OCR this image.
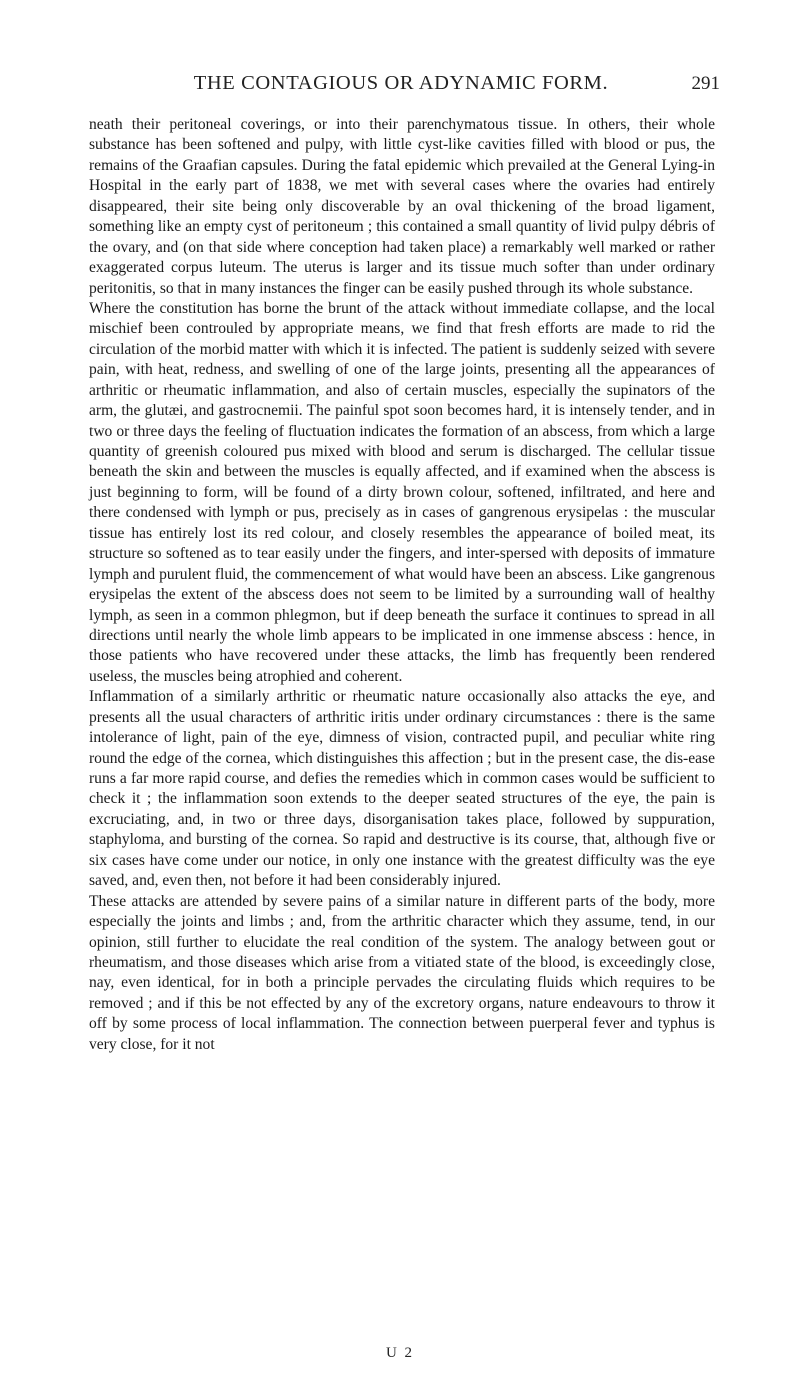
THE CONTAGIOUS OR ADYNAMIC FORM.	291

neath their peritoneal coverings, or into their parenchymatous tissue. In others, their whole substance has been softened and pulpy, with little cyst-like cavities filled with blood or pus, the remains of the Graafian capsules. During the fatal epidemic which prevailed at the General Lying-in Hospital in the early part of 1838, we met with several cases where the ovaries had entirely disappeared, their site being only discoverable by an oval thickening of the broad ligament, something like an empty cyst of peritoneum ; this contained a small quantity of livid pulpy débris of the ovary, and (on that side where conception had taken place) a remarkably well marked or rather exaggerated corpus luteum. The uterus is larger and its tissue much softer than under ordinary peritonitis, so that in many instances the finger can be easily pushed through its whole substance.

Where the constitution has borne the brunt of the attack without immediate collapse, and the local mischief been controuled by appropriate means, we find that fresh efforts are made to rid the circulation of the morbid matter with which it is infected. The patient is suddenly seized with severe pain, with heat, redness, and swelling of one of the large joints, presenting all the appearances of arthritic or rheumatic inflammation, and also of certain muscles, especially the supinators of the arm, the glutæi, and gastrocnemii. The painful spot soon becomes hard, it is intensely tender, and in two or three days the feeling of fluctuation indicates the formation of an abscess, from which a large quantity of greenish coloured pus mixed with blood and serum is discharged. The cellular tissue beneath the skin and between the muscles is equally affected, and if examined when the abscess is just beginning to form, will be found of a dirty brown colour, softened, infiltrated, and here and there condensed with lymph or pus, precisely as in cases of gangrenous erysipelas : the muscular tissue has entirely lost its red colour, and closely resembles the appearance of boiled meat, its structure so softened as to tear easily under the fingers, and inter-spersed with deposits of immature lymph and purulent fluid, the commencement of what would have been an abscess. Like gangrenous erysipelas the extent of the abscess does not seem to be limited by a surrounding wall of healthy lymph, as seen in a common phlegmon, but if deep beneath the surface it continues to spread in all directions until nearly the whole limb appears to be implicated in one immense abscess : hence, in those patients who have recovered under these attacks, the limb has frequently been rendered useless, the muscles being atrophied and coherent.

Inflammation of a similarly arthritic or rheumatic nature occasionally also attacks the eye, and presents all the usual characters of arthritic iritis under ordinary circumstances : there is the same intolerance of light, pain of the eye, dimness of vision, contracted pupil, and peculiar white ring round the edge of the cornea, which distinguishes this affection ; but in the present case, the dis-ease runs a far more rapid course, and defies the remedies which in common cases would be sufficient to check it ; the inflammation soon extends to the deeper seated structures of the eye, the pain is excruciating, and, in two or three days, disorganisation takes place, followed by suppuration, staphyloma, and bursting of the cornea. So rapid and destructive is its course, that, although five or six cases have come under our notice, in only one instance with the greatest difficulty was the eye saved, and, even then, not before it had been considerably injured.

These attacks are attended by severe pains of a similar nature in different parts of the body, more especially the joints and limbs ; and, from the arthritic character which they assume, tend, in our opinion, still further to elucidate the real condition of the system. The analogy between gout or rheumatism, and those diseases which arise from a vitiated state of the blood, is exceedingly close, nay, even identical, for in both a principle pervades the circulating fluids which requires to be removed ; and if this be not effected by any of the excretory organs, nature endeavours to throw it off by some process of local inflammation. The connection between puerperal fever and typhus is very close, for it not

U 2
